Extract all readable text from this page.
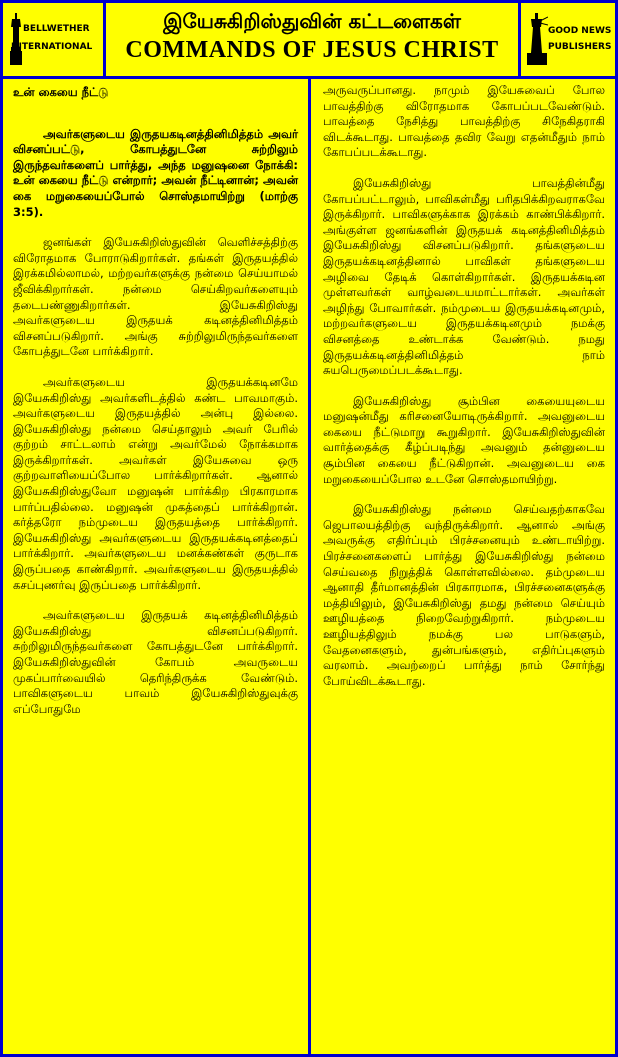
BELLWETHER
INTERNATIONAL
இயேசுகிறிஸ்துவின் கட்டளைகள்
COMMANDS OF JESUS CHRIST
GOOD NEWS
PUBLISHERS
உன் கையை நீட்டு

அவர்களுடைய இருதயகடினத்தினிமித்தம் அவர் விசனப்பட்டு, கோபத்துடனே சுற்றிலும் இருந்தவர்களைப் பார்த்து, அந்த மனுஷனை நோக்கி: உன் கையை நீட்டு என்றார்; அவன் நீட்டினான்; அவன் கை மறுகையைப்போல் சொஸ்தமாயிற்று (மாற்கு 3:5).

ஜனங்கள் இயேசுகிறிஸ்துவின் வெளிச்சத்திற்கு விரோதமாக போராடுகிறார்கள். தங்கள் இருதயத்தில் இரக்கமில்லாமல், மற்றவர்களுக்கு நன்மை செய்யாமல் ஜீவிக்கிறார்கள். நன்மை செய்கிறவர்களையும் தடைபண்ணுகிறார்கள். இயேசுகிறிஸ்து அவர்களுடைய இருதயக் கடினத்தினிமித்தம் விசனப்படுகிறார். அங்கு சுற்றிலுமிருந்தவர்களை கோபத்துடனே பார்க்கிறார்.

அவர்களுடைய இருதயக்கடினமே இயேசுகிறிஸ்து அவர்களிடத்தில் கண்ட பாவமாகும். அவர்களுடைய இருதயத்தில் அன்பு இல்லை. இயேசுகிறிஸ்து நன்மை செய்தாலும் அவர் பேரில் குற்றம் சாட்டலாம் என்று அவர்மேல் நோக்கமாக இருக்கிறார்கள். அவர்கள் இயேசுவை ஒரு குற்றவாளியைப்போல பார்க்கிறார்கள். ஆனால் இயேசுகிறிஸ்துவோ மனுஷன் பார்க்கிற பிரகாரமாக பார்ப்பதில்லை. மனுஷன் முகத்தைப் பார்க்கிறான். கர்த்தரோ நம்முடைய இருதயத்தை பார்க்கிறார். இயேசுகிறிஸ்து அவர்களுடைய இருதயக்கடினத்தைப் பார்க்கிறார். அவர்களுடைய மனக்கண்கள் குருடாக இருப்பதை காண்கிறார். அவர்களுடைய இருதயத்தில் கசப்புணர்வு இருப்பதை பார்க்கிறார்.

அவர்களுடைய இருதயக் கடினத்தினிமித்தம் இயேசுகிறிஸ்து விசனப்படுகிறார். சுற்றிலுமிருந்தவர்களை கோபத்துடனே பார்க்கிறார். இயேசுகிறிஸ்துவின் கோபம் அவருடைய முகப்பார்வையில் தெரிந்திருக்க வேண்டும். பாவிகளுடைய பாவம் இயேசுகிறிஸ்துவுக்கு எப்போதுமே

அருவருப்பானது. நாமும் இயேசுவைப் போல பாவத்திற்கு விரோதமாக கோபப்படவேண்டும். பாவத்தை நேசித்து பாவத்திற்கு சிநேகிதராகி விடக்கூடாது. பாவத்தை தவிர வேறு எதன்மீதும் நாம் கோபப்படக்கூடாது.

இயேசுகிறிஸ்து பாவத்தின்மீது கோபப்பட்டாலும், பாவிகள்மீது பரிதபிக்கிறவராகவே இருக்கிறார். பாவிகளுக்காக இரக்கம் காண்பிக்கிறார். அங்குள்ள ஜனங்களின் இருதயக் கடினத்தினிமித்தம் இயேசுகிறிஸ்து விசனப்படுகிறார். தங்களுடைய இருதயக்கடினத்தினால் பாவிகள் தங்களுடைய அழிவை தேடிக் கொள்கிறார்கள். இருதயக்கடின முள்ளவர்கள் வாழ்வடையமாட்டார்கள். அவர்கள் அழிந்து போவார்கள். நம்முடைய இருதயக்கடினமும், மற்றவர்களுடைய இருதயக்கடினமும் நமக்கு விசனத்தை உண்டாக்க வேண்டும். நமது இருதயக்கடினத்தினிமித்தம் நாம் சுயபெருமைப்படக்கூடாது.

இயேசுகிறிஸ்து சூம்பின கையையுடைய மனுஷன்மீது கரிசனையோடிருக்கிறார். அவனுடைய கையை நீட்டுமாறு கூறுகிறார். இயேசுகிறிஸ்துவின் வார்த்தைக்கு கீழ்ப்படிந்து அவனும் தன்னுடைய சூம்பின கையை நீட்டுகிறான். அவனுடைய கை மறுகையைப்போல உடனே சொஸ்தமாயிற்று.

இயேசுகிறிஸ்து நன்மை செய்வதற்காகவே ஜெபாலயத்திற்கு வந்திருக்கிறார். ஆனால் அங்கு அவருக்கு எதிர்ப்பும் பிரச்சனையும் உண்டாயிற்று. பிரச்சனைகளைப் பார்த்து இயேசுகிறிஸ்து நன்மை செய்வதை நிறுத்திக் கொள்ளவில்லை. தம்முடைய ஆனாதி தீர்மானத்தின் பிரகாரமாக, பிரச்சனைகளுக்கு மத்தியிலும், இயேசுகிறிஸ்து தமது நன்மை செய்யும் ஊழியத்தை நிறைவேற்றுகிறார். நம்முடைய ஊழியத்திலும் நமக்கு பல பாடுகளும், வேதனைகளும், துன்பங்களும், எதிர்ப்புகளும் வரலாம். அவற்றைப் பார்த்து நாம் சோர்ந்து போய்விடக்கூடாது.
